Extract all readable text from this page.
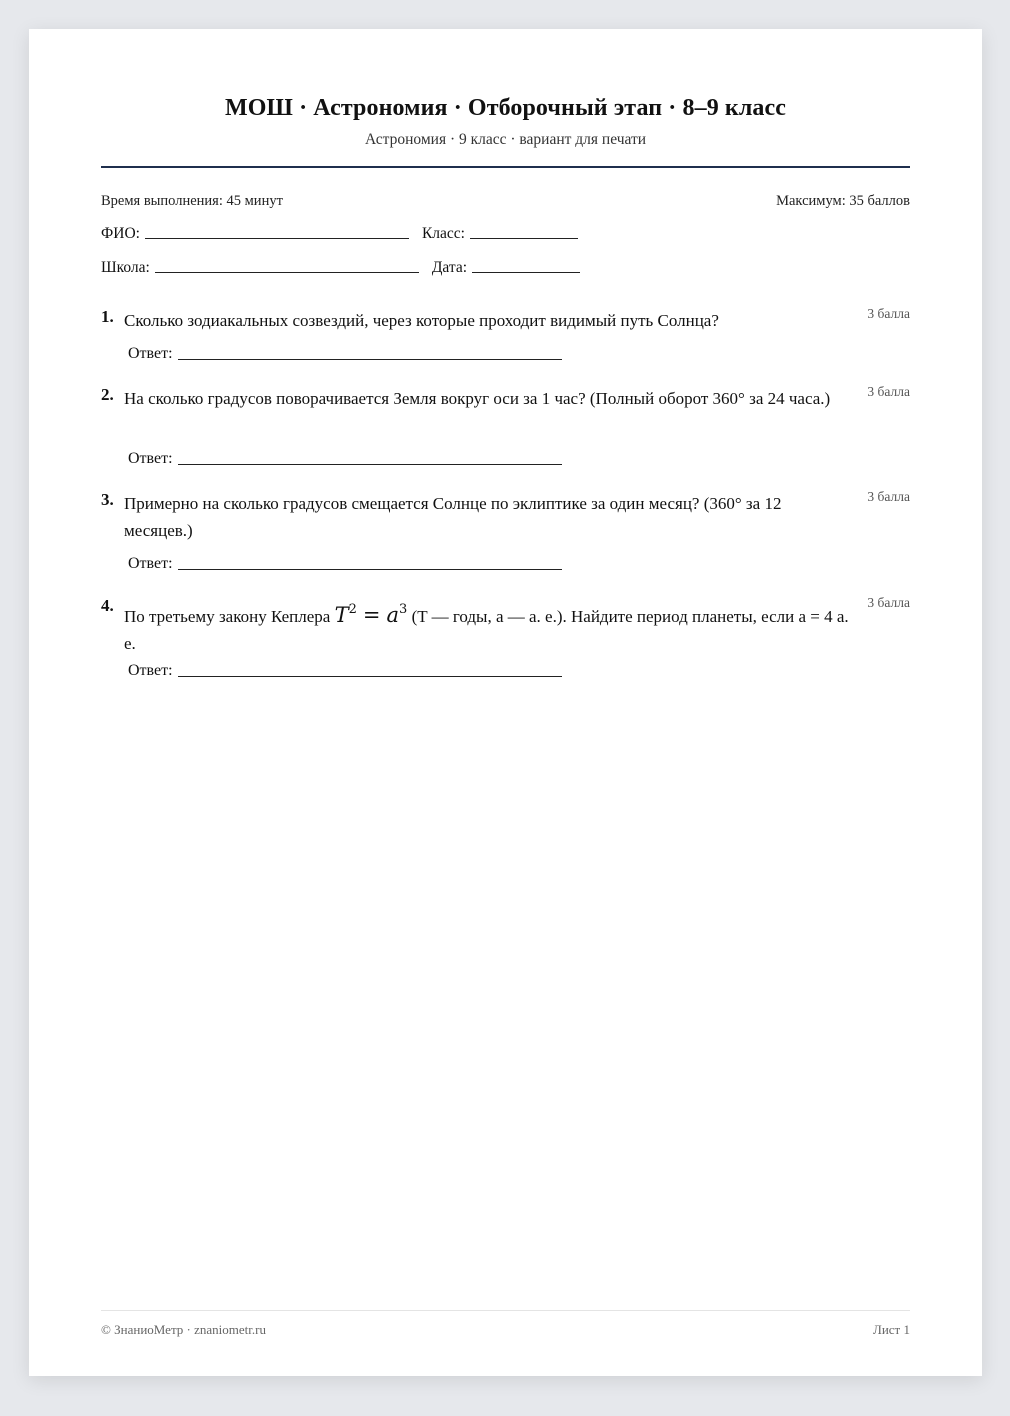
МОШ · Астрономия · Отборочный этап · 8–9 класс
Астрономия · 9 класс · вариант для печати
Время выполнения: 45 минут	Максимум: 35 баллов
ФИО:	Класс:
Школа:	Дата:
1. Сколько зодиакальных созвездий, через которые проходит видимый путь Солнца?	3 балла
Ответ:
2. На сколько градусов поворачивается Земля вокруг оси за 1 час? (Полный оборот 360° за 24 часа.)	3 балла
Ответ:
3. Примерно на сколько градусов смещается Солнце по эклиптике за один месяц? (360° за 12 месяцев.)
3 балла
Ответ:
4.
По третьему закону Кеплера $T^2 = a^3$ (T — годы, a — а. е.). Найдите период планеты, если a = 4 а. е.
3 балла
Ответ:
© ЗнаниоМетр · znaniometr.ru	Лист 1
